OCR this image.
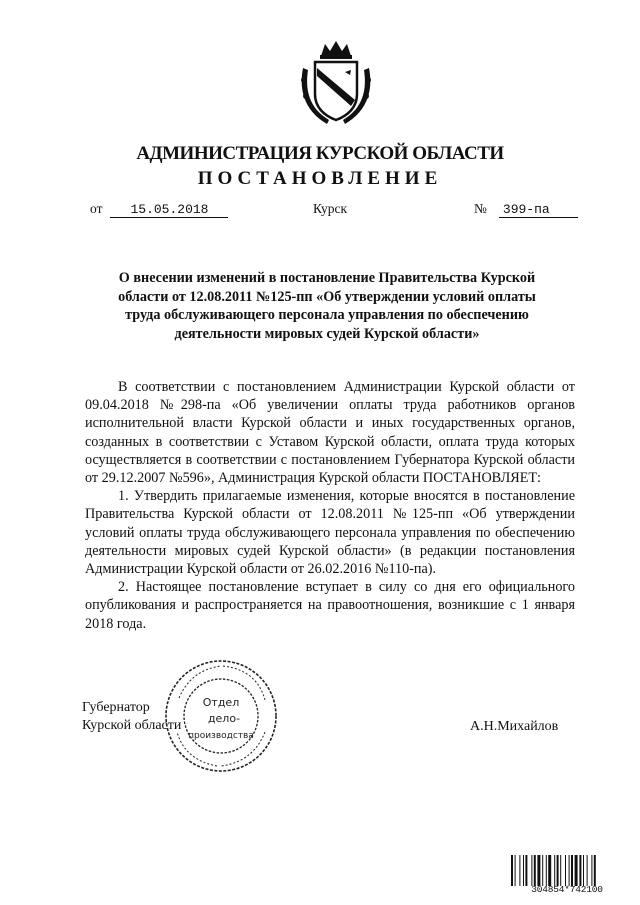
АДМИНИСТРАЦИЯ КУРСКОЙ ОБЛАСТИ
ПОСТАНОВЛЕНИЕ
от 15.05.2018	Курск	№ 399-па
О внесении изменений в постановление Правительства Курской области от 12.08.2011 №125-пп «Об утверждении условий оплаты труда обслуживающего персонала управления по обеспечению деятельности мировых судей Курской области»

В соответствии с постановлением Администрации Курской области от 09.04.2018 №298-па «Об увеличении оплаты труда работников органов исполнительной власти Курской области и иных государственных органов, созданных в соответствии с Уставом Курской области, оплата труда которых осуществляется в соответствии с постановлением Губернатора Курской области от 29.12.2007 №596», Администрация Курской области ПОСТАНОВЛЯЕТ:

1. Утвердить прилагаемые изменения, которые вносятся в постановление Правительства Курской области от 12.08.2011 №125-пп «Об утверждении условий оплаты труда обслуживающего персонала управления по обеспечению деятельности мировых судей Курской области» (в редакции постановления Администрации Курской области от 26.02.2016 №110-па).

2. Настоящее постановление вступает в силу со дня его официального опубликования и распространяется на правоотношения, возникшие с 1 января 2018 года.

Губернатор
Курской области
Отдел
дело-
производства
А.Н.Михайлов
304854*742100
